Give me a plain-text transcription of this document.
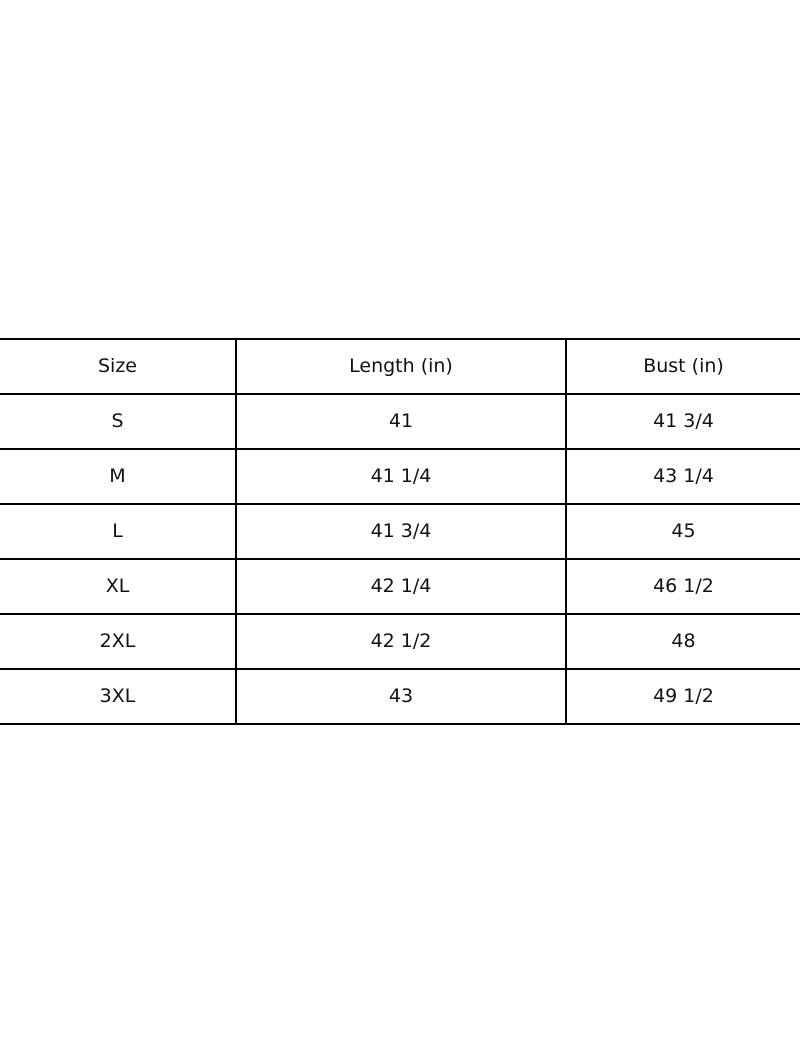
Size	Length (in)	Bust (in)
S	41	41 3/4
M	41 1/4	43 1/4
L	41 3/4	45
XL	42 1/4	46 1/2
2XL	42 1/2	48
3XL	43	49 1/2
